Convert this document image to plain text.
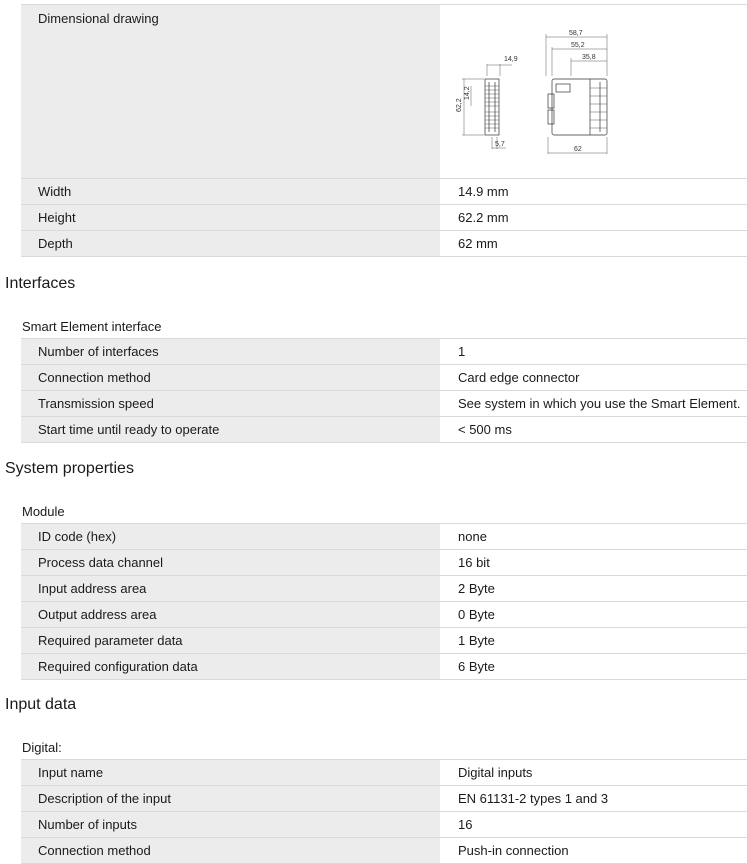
Dimensional drawing
Width	14.9 mm
Height	62.2 mm
Depth	62 mm
14,9
62,2
14,2
5,7
58,7
55,2
35,8
62
Interfaces
Smart Element interface
Number of interfaces	1
Connection method	Card edge connector
Transmission speed	See system in which you use the Smart Element.
Start time until ready to operate	< 500 ms
System properties
Module
ID code (hex)	none
Process data channel	16 bit
Input address area	2 Byte
Output address area	0 Byte
Required parameter data	1 Byte
Required configuration data	6 Byte
Input data
Digital:
Input name	Digital inputs
Description of the input	EN 61131-2 types 1 and 3
Number of inputs	16
Connection method	Push-in connection
